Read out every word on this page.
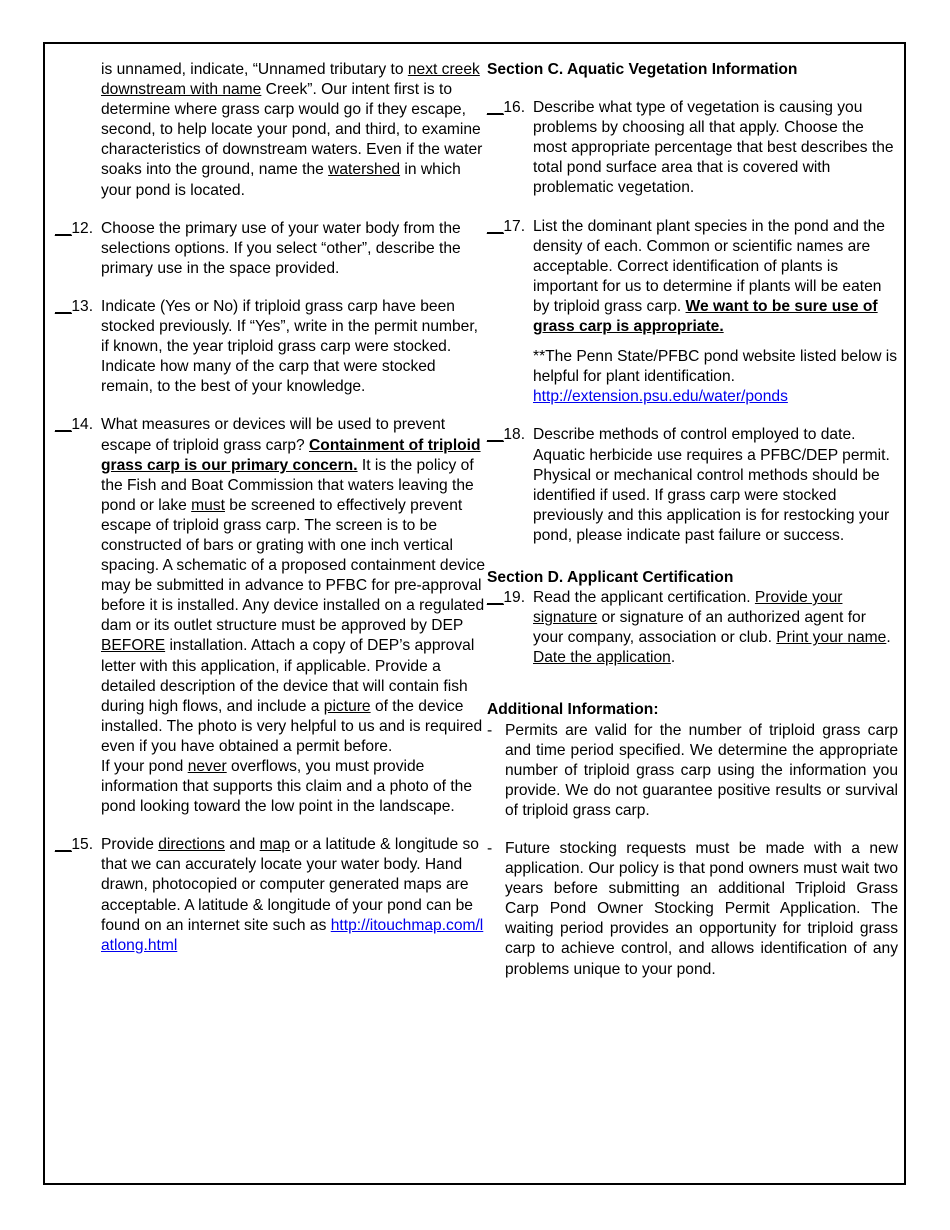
is unnamed, indicate, “Unnamed tributary to next creek downstream with name Creek”. Our intent first is to determine where grass carp would go if they escape, second, to help locate your pond, and third, to examine characteristics of downstream waters. Even if the water soaks into the ground, name the watershed in which your pond is located.
__12. Choose the primary use of your water body from the selections options. If you select “other”, describe the primary use in the space provided.

__13. Indicate (Yes or No) if triploid grass carp have been stocked previously. If “Yes”, write in the permit number, if known, the year triploid grass carp were stocked. Indicate how many of the carp that were stocked remain, to the best of your knowledge.

__14. What measures or devices will be used to prevent escape of triploid grass carp? Containment of triploid grass carp is our primary concern. It is the policy of the Fish and Boat Commission that waters leaving the pond or lake must be screened to effectively prevent escape of triploid grass carp. The screen is to be constructed of bars or grating with one inch vertical spacing. A schematic of a proposed containment device may be submitted in advance to PFBC for pre-approval before it is installed. Any device installed on a regulated dam or its outlet structure must be approved by DEP BEFORE installation. Attach a copy of DEP’s approval letter with this application, if applicable. Provide a detailed description of the device that will contain fish during high flows, and include a picture of the device installed. The photo is very helpful to us and is required even if you have obtained a permit before.

If your pond never overflows, you must provide information that supports this claim and a photo of the pond looking toward the low point in the landscape.

__15. Provide directions and map or a latitude & longitude so that we can accurately locate your water body. Hand drawn, photocopied or computer generated maps are acceptable. A latitude & longitude of your pond can be found on an internet site such as http://itouchmap.com/latlong.html

Section C. Aquatic Vegetation Information
__16. Describe what type of vegetation is causing you problems by choosing all that apply. Choose the most appropriate percentage that best describes the total pond surface area that is covered with problematic vegetation.

__17. List the dominant plant species in the pond and the density of each. Common or scientific names are acceptable. Correct identification of plants is important for us to determine if plants will be eaten by triploid grass carp. We want to be sure use of grass carp is appropriate.

**The Penn State/PFBC pond website listed below is helpful for plant identification.

http://extension.psu.edu/water/ponds

__18. Describe methods of control employed to date. Aquatic herbicide use requires a PFBC/DEP permit. Physical or mechanical control methods should be identified if used. If grass carp were stocked previously and this application is for restocking your pond, please indicate past failure or success.

Section D. Applicant Certification
__19. Read the applicant certification. Provide your signature or signature of an authorized agent for your company, association or club. Print your name. Date the application.

Additional Information:
- Permits are valid for the number of triploid grass carp and time period specified. We determine the appropriate number of triploid grass carp using the information you provide. We do not guarantee positive results or survival of triploid grass carp.
- Future stocking requests must be made with a new application. Our policy is that pond owners must wait two years before submitting an additional Triploid Grass Carp Pond Owner Stocking Permit Application. The waiting period provides an opportunity for triploid grass carp to achieve control, and allows identification of any problems unique to your pond.
